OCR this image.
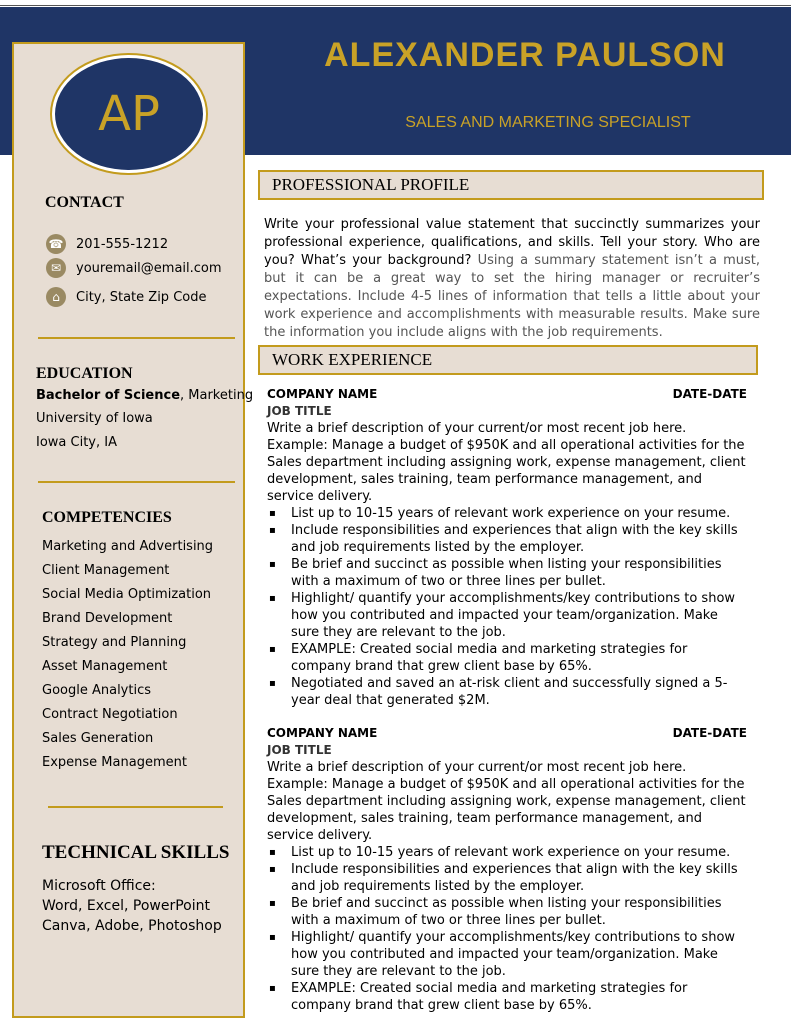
AP
ALEXANDER PAULSON
SALES AND MARKETING SPECIALIST
CONTACT
☎ 201-555-1212
✉	youremail@email.com
⌂	City, State Zip Code
EDUCATION
Bachelor of Science, Marketing
University of Iowa
Iowa City, IA
COMPETENCIES
Marketing and Advertising
Client Management
Social Media Optimization
Brand Development
Strategy and Planning
Asset Management
Google Analytics
Contract Negotiation
Sales Generation
Expense Management
TECHNICAL SKILLS
Microsoft Office:
Word, Excel, PowerPoint
Canva, Adobe, Photoshop
PROFESSIONAL PROFILE
Write your professional value statement that succinctly summarizes your professional experience, qualifications, and skills. Tell your story. Who are you? What’s your background? Using a summary statement isn’t a must, but it can be a great way to set the hiring manager or recruiter’s expectations. Include 4-5 lines of information that tells a little about your work experience and accomplishments with measurable results. Make sure the information you include aligns with the job requirements.
WORK EXPERIENCE
COMPANY NAME	DATE-DATE
JOB TITLE

Write a brief description of your current/or most recent job here. Example: Manage a budget of $950K and all operational activities for the Sales department including assigning work, expense management, client development, sales training, team performance management, and service delivery.

▪ List up to 10-15 years of relevant work experience on your resume.
▪ Include responsibilities and experiences that align with the key skills and job requirements listed by the employer.
▪ Be brief and succinct as possible when listing your responsibilities with a maximum of two or three lines per bullet.
▪ Highlight/ quantify your accomplishments/key contributions to show how you contributed and impacted your team/organization. Make sure they are relevant to the job.
▪ EXAMPLE: Created social media and marketing strategies for company brand that grew client base by 65%.
▪ Negotiated and saved an at-risk client and successfully signed a 5-year deal that generated $2M.
COMPANY NAME	DATE-DATE
JOB TITLE

Write a brief description of your current/or most recent job here. Example: Manage a budget of $950K and all operational activities for the Sales department including assigning work, expense management, client development, sales training, team performance management, and service delivery.

▪ List up to 10-15 years of relevant work experience on your resume.
▪ Include responsibilities and experiences that align with the key skills and job requirements listed by the employer.
▪ Be brief and succinct as possible when listing your responsibilities with a maximum of two or three lines per bullet.
▪ Highlight/ quantify your accomplishments/key contributions to show how you contributed and impacted your team/organization. Make sure they are relevant to the job.
▪ EXAMPLE: Created social media and marketing strategies for company brand that grew client base by 65%.
